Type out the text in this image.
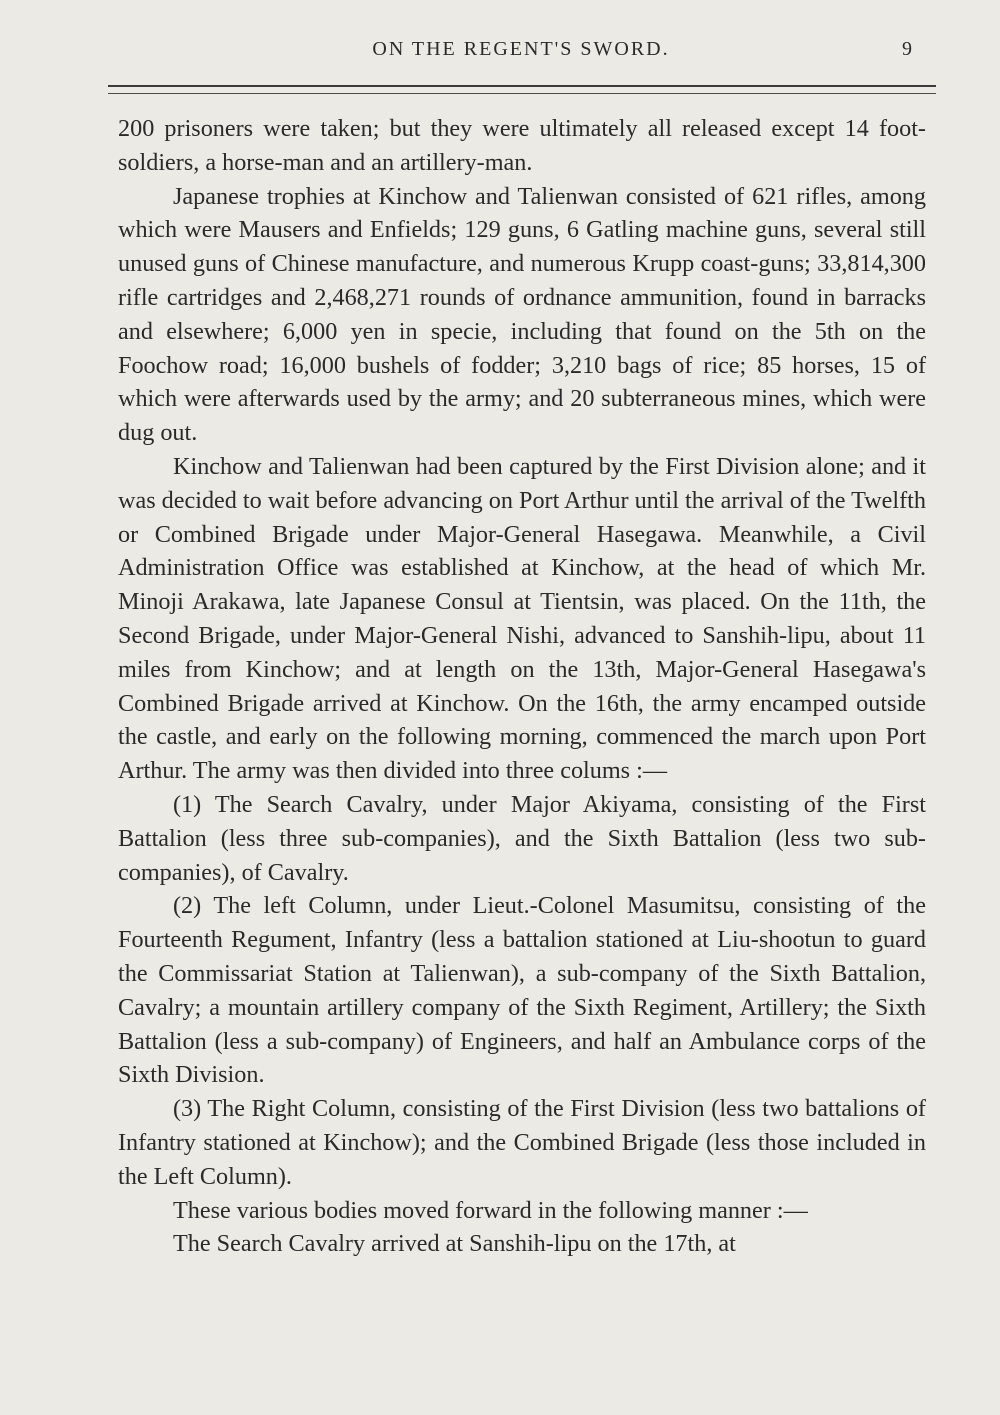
ON THE REGENT'S SWORD.	9

200 prisoners were taken; but they were ultimately all released except 14 foot-soldiers, a horse-man and an artillery-man.

Japanese trophies at Kinchow and Talienwan consisted of 621 rifles, among which were Mausers and Enfields; 129 guns, 6 Gatling machine guns, several still unused guns of Chinese manufacture, and numerous Krupp coast-guns; 33,814,300 rifle cartridges and 2,468,271 rounds of ordnance ammunition, found in barracks and elsewhere; 6,000 yen in specie, including that found on the 5th on the Foochow road; 16,000 bushels of fodder; 3,210 bags of rice; 85 horses, 15 of which were afterwards used by the army; and 20 subterraneous mines, which were dug out.

Kinchow and Talienwan had been captured by the First Division alone; and it was decided to wait before advancing on Port Arthur until the arrival of the Twelfth or Combined Brigade under Major-General Hasegawa. Meanwhile, a Civil Administration Office was established at Kinchow, at the head of which Mr. Minoji Arakawa, late Japanese Consul at Tientsin, was placed. On the 11th, the Second Brigade, under Major-General Nishi, advanced to Sanshih-lipu, about 11 miles from Kinchow; and at length on the 13th, Major-General Hasegawa's Combined Brigade arrived at Kinchow. On the 16th, the army encamped outside the castle, and early on the following morning, commenced the march upon Port Arthur. The army was then divided into three colums :—

(1) The Search Cavalry, under Major Akiyama, consisting of the First Battalion (less three sub-companies), and the Sixth Battalion (less two sub-companies), of Cavalry.

(2) The left Column, under Lieut.-Colonel Masumitsu, consisting of the Fourteenth Regument, Infantry (less a battalion stationed at Liu-shootun to guard the Commissariat Station at Talienwan), a sub-company of the Sixth Battalion, Cavalry; a mountain artillery company of the Sixth Regiment, Artillery; the Sixth Battalion (less a sub-company) of Engineers, and half an Ambulance corps of the Sixth Division.

(3) The Right Column, consisting of the First Division (less two battalions of Infantry stationed at Kinchow); and the Combined Brigade (less those included in the Left Column).

These various bodies moved forward in the following manner :—

The Search Cavalry arrived at Sanshih-lipu on the 17th, at
